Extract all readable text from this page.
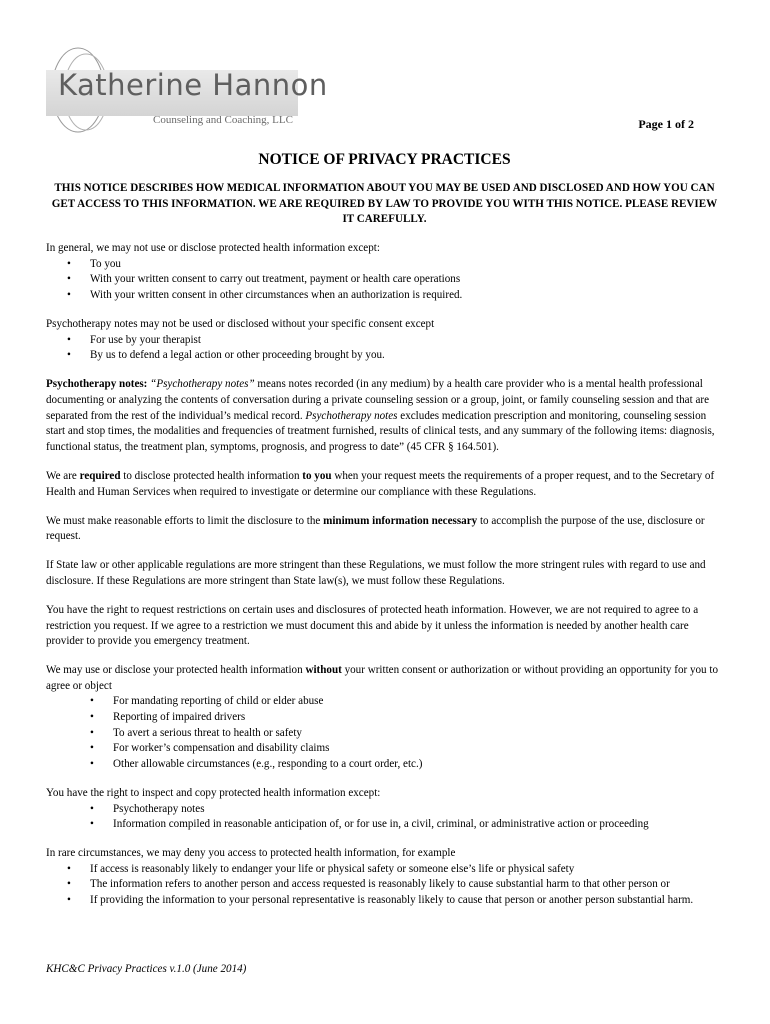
Katherine Hannon
Counseling and Coaching, LLC	Page 1 of 2
NOTICE OF PRIVACY PRACTICES

THIS NOTICE DESCRIBES HOW MEDICAL INFORMATION ABOUT YOU MAY BE USED AND DISCLOSED AND HOW YOU CAN GET ACCESS TO THIS INFORMATION. WE ARE REQUIRED BY LAW TO PROVIDE YOU WITH THIS NOTICE. PLEASE REVIEW IT CAREFULLY.

In general, we may not use or disclose protected health information except:

• To you
• With your written consent to carry out treatment, payment or health care operations
• With your written consent in other circumstances when an authorization is required.

Psychotherapy notes may not be used or disclosed without your specific consent except

• For use by your therapist
• By us to defend a legal action or other proceeding brought by you.

Psychotherapy notes: “Psychotherapy notes” means notes recorded (in any medium) by a health care provider who is a mental health professional documenting or analyzing the contents of conversation during a private counseling session or a group, joint, or family counseling session and that are separated from the rest of the individual’s medical record. Psychotherapy notes excludes medication prescription and monitoring, counseling session start and stop times, the modalities and frequencies of treatment furnished, results of clinical tests, and any summary of the following items: diagnosis, functional status, the treatment plan, symptoms, prognosis, and progress to date” (45 CFR § 164.501).

We are required to disclose protected health information to you when your request meets the requirements of a proper request, and to the Secretary of Health and Human Services when required to investigate or determine our compliance with these Regulations.

We must make reasonable efforts to limit the disclosure to the minimum information necessary to accomplish the purpose of the use, disclosure or request.

If State law or other applicable regulations are more stringent than these Regulations, we must follow the more stringent rules with regard to use and disclosure. If these Regulations are more stringent than State law(s), we must follow these Regulations.

You have the right to request restrictions on certain uses and disclosures of protected heath information. However, we are not required to agree to a restriction you request. If we agree to a restriction we must document this and abide by it unless the information is needed by another health care provider to provide you emergency treatment.

We may use or disclose your protected health information without your written consent or authorization or without providing an opportunity for you to agree or object

• For mandating reporting of child or elder abuse
• Reporting of impaired drivers
• To avert a serious threat to health or safety
• For worker’s compensation and disability claims
• Other allowable circumstances (e.g., responding to a court order, etc.)

You have the right to inspect and copy protected health information except:

• Psychotherapy notes
• Information compiled in reasonable anticipation of, or for use in, a civil, criminal, or administrative action or proceeding

In rare circumstances, we may deny you access to protected health information, for example

• If access is reasonably likely to endanger your life or physical safety or someone else’s life or physical safety
• The information refers to another person and access requested is reasonably likely to cause substantial harm to that other person or
• If providing the information to your personal representative is reasonably likely to cause that person or another person substantial harm.
KHC&C Privacy Practices v.1.0 (June 2014)
